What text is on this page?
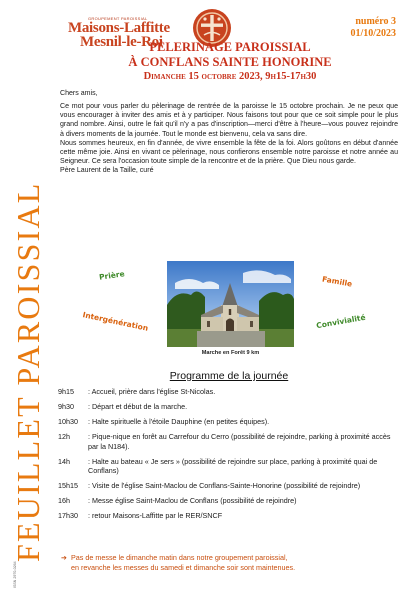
GROUPEMENT PAROISSIAL
Maisons-Laffitte
Mesnil-le-Roi
numéro 3
01/10/2023
FEUILLET PAROISSIAL
ISSN 2970-0264
PÈLERINAGE PAROISSIAL
À CONFLANS SAINTE HONORINE
Dimanche 15 octobre 2023, 9h15-17h30

Chers amis,

Ce mot pour vous parler du pèlerinage de rentrée de la paroisse le 15 octobre prochain. Je ne peux que vous encourager à inviter des amis et à y participer. Nous faisons tout pour que ce soit simple pour le plus grand nombre. Ainsi, outre le fait qu'il n'y a pas d'inscription—merci d'être à l'heure—vous pouvez rejoindre à divers moments de la journée. Tout le monde est bienvenu, cela va sans dire.

Nous sommes heureux, en fin d'année, de vivre ensemble la fête de la foi. Alors goûtons en début d'année cette même joie. Ainsi en vivant ce pèlerinage, nous confierons ensemble notre paroisse et notre année au Seigneur. Ce sera l'occasion toute simple de la rencontre et de la prière. Que Dieu nous garde.

Père Laurent de la Taille, curé

Marche en Forêt 9 km
Prière	Famille
Intergénération	Convivialité
Programme de la journée
9h15	: Accueil, prière dans l'église St-Nicolas.
9h30	: Départ et début de la marche.
10h30	: Halte spirituelle à l'étoile Dauphine (en petites équipes).
12h	: Pique-nique en forêt au Carrefour du Cerro (possibilité de rejoindre, parking à proximité accès par la N184).
14h	: Halte au bateau « Je sers » (possibilité de rejoindre sur place, parking à proximité quai de Conflans)
15h15	: Visite de l'église Saint-Maclou de Conflans-Sainte-Honorine (possibilité de rejoindre)
16h	: Messe église Saint-Maclou de Conflans (possibilité de rejoindre)
17h30	: retour Maisons-Laffitte par le RER/SNCF
➔ Pas de messe le dimanche matin dans notre groupement paroissial,
en revanche les messes du samedi et dimanche soir sont maintenues.
